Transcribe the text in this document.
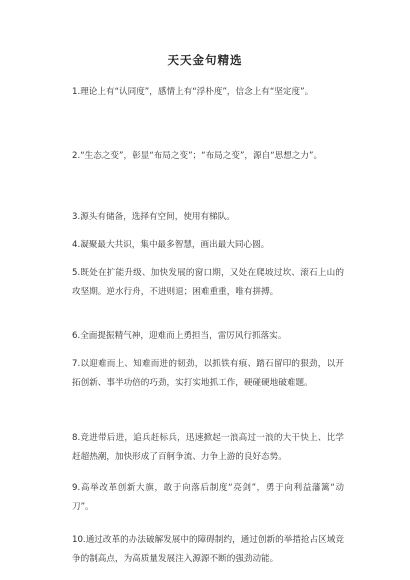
天天金句精选
1.理论上有“认同度”，感情上有“浮朴度”，信念上有“坚定度”。
2.“生态之变”，彰显“布局之变”；“布局之变”，源自“思想之力”。
3.源头有储备，选择有空间，使用有梯队。
4.凝聚最大共识，集中最多智慧，画出最大同心圆。
5.既处在扩能升级、加快发展的窗口期，又处在爬坡过坎、滚石上山的攻坚期。逆水行舟，不进则退；困难重重，唯有拼搏。
6.全面提振精气神，迎难而上勇担当，雷厉风行抓落实。
7.以迎难而上、知难而进的韧劲，以抓铁有痕、踏石留印的狠劲，以开拓创新、事半功倍的巧劲，实打实地抓工作，硬碰硬地破难题。
8.竞进带后进，追兵赶标兵，迅速掀起一浪高过一浪的大干快上、比学赶超热潮，加快形成了百舸争流、力争上游的良好态势。
9.高举改革创新大旗，敢于向落后制度“亮剑”，勇于向利益藩篱“动刀”。
10.通过改革的办法破解发展中的障碍制约，通过创新的举措抢占区域竞争的制高点，为高质量发展注入源源不断的强劲动能。
